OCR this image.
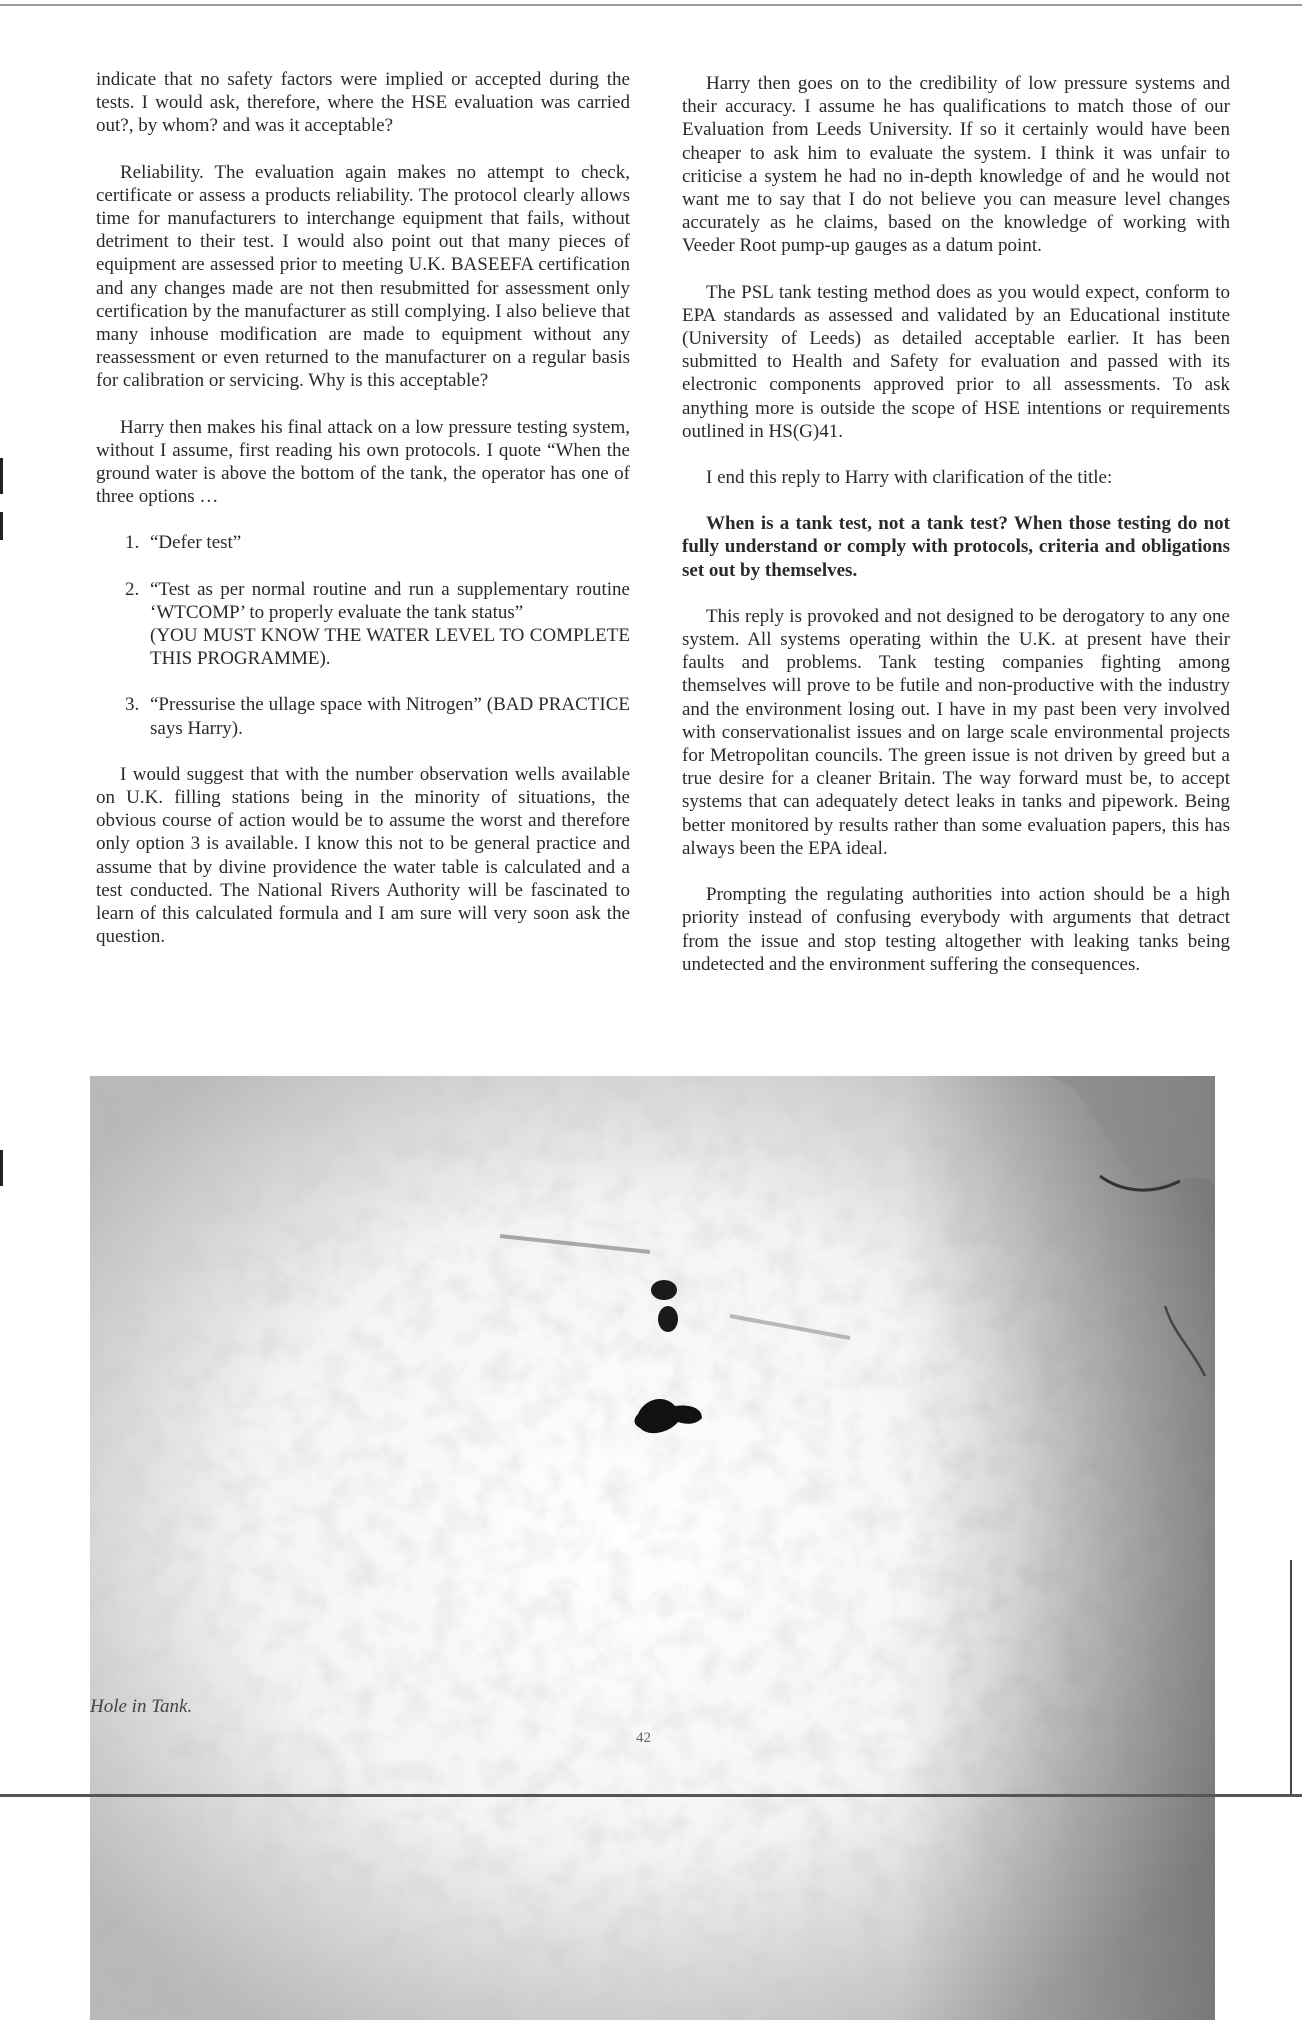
indicate that no safety factors were implied or accepted during the tests. I would ask, therefore, where the HSE evaluation was carried out?, by whom? and was it acceptable?

Reliability. The evaluation again makes no attempt to check, certificate or assess a products reliability. The protocol clearly allows time for manufacturers to interchange equipment that fails, without detriment to their test. I would also point out that many pieces of equipment are assessed prior to meeting U.K. BASEEFA certification and any changes made are not then resubmitted for assessment only certification by the manufacturer as still complying. I also believe that many inhouse modification are made to equipment without any reassessment or even returned to the manufacturer on a regular basis for calibration or servicing. Why is this acceptable?

Harry then makes his final attack on a low pressure testing system, without I assume, first reading his own protocols. I quote “When the ground water is above the bottom of the tank, the operator has one of three options …

1. “Defer test”
2. “Test as per normal routine and run a supplementary routine ‘WTCOMP’ to properly evaluate the tank status”
(YOU MUST KNOW THE WATER LEVEL TO COMPLETE THIS PROGRAMME).
3. “Pressurise the ullage space with Nitrogen” (BAD PRACTICE says Harry).

I would suggest that with the number observation wells available on U.K. filling stations being in the minority of situations, the obvious course of action would be to assume the worst and therefore only option 3 is available. I know this not to be general practice and assume that by divine providence the water table is calculated and a test conducted. The National Rivers Authority will be fascinated to learn of this calculated formula and I am sure will very soon ask the question.

Harry then goes on to the credibility of low pressure systems and their accuracy. I assume he has qualifications to match those of our Evaluation from Leeds University. If so it certainly would have been cheaper to ask him to evaluate the system. I think it was unfair to criticise a system he had no in-depth knowledge of and he would not want me to say that I do not believe you can measure level changes accurately as he claims, based on the knowledge of working with Veeder Root pump-up gauges as a datum point.

The PSL tank testing method does as you would expect, conform to EPA standards as assessed and validated by an Educational institute (University of Leeds) as detailed acceptable earlier. It has been submitted to Health and Safety for evaluation and passed with its electronic components approved prior to all assessments. To ask anything more is outside the scope of HSE intentions or requirements outlined in HS(G)41.

I end this reply to Harry with clarification of the title:

When is a tank test, not a tank test? When those testing do not fully understand or comply with protocols, criteria and obligations set out by themselves.

This reply is provoked and not designed to be derogatory to any one system. All systems operating within the U.K. at present have their faults and problems. Tank testing companies fighting among themselves will prove to be futile and non-productive with the industry and the environment losing out. I have in my past been very involved with conservationalist issues and on large scale environmental projects for Metropolitan councils. The green issue is not driven by greed but a true desire for a cleaner Britain. The way forward must be, to accept systems that can adequately detect leaks in tanks and pipework. Being better monitored by results rather than some evaluation papers, this has always been the EPA ideal.

Prompting the regulating authorities into action should be a high priority instead of confusing everybody with arguments that detract from the issue and stop testing altogether with leaking tanks being undetected and the environment suffering the consequences.

Hole in Tank.
42
